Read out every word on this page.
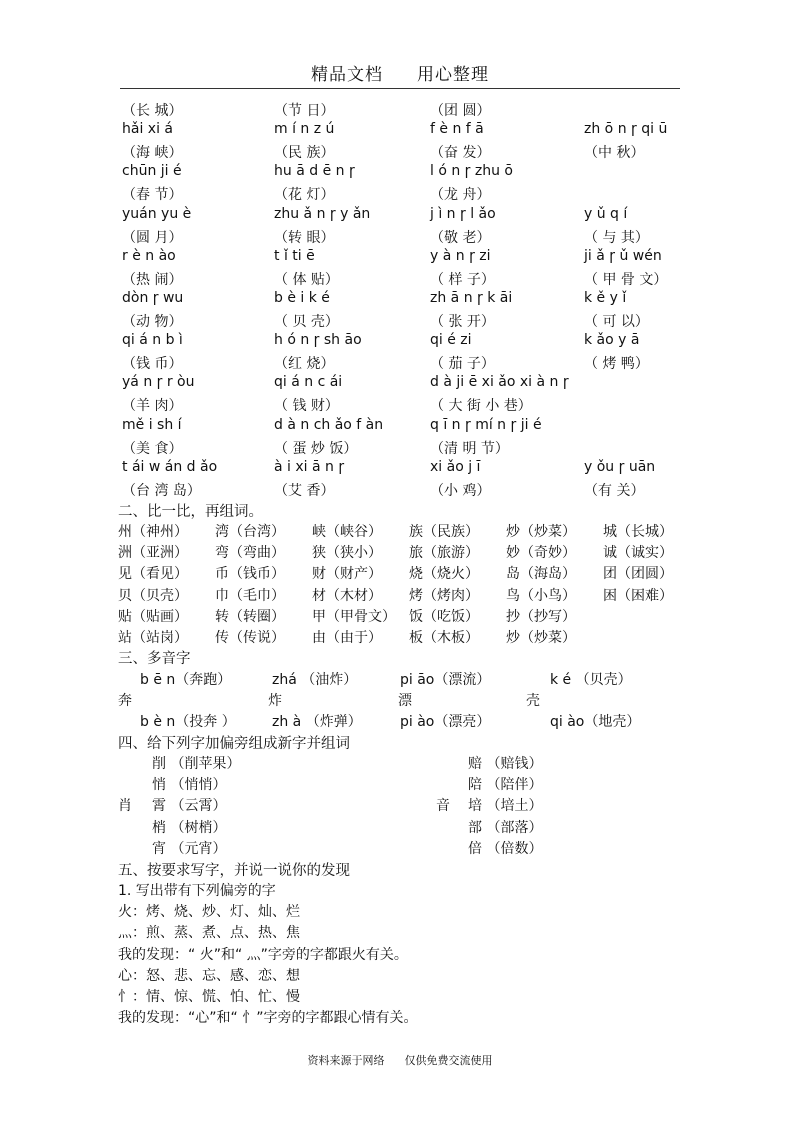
精品文档 用心整理
（长 城）	（节 日）	（团 圆）
hǎi xi á	m í n z ú	f è n f ā	zh ō n ɼ qi ū
（海 峡）	（民 族）	（奋 发）	（中 秋）
chūn ji é	hu ā d ē n ɼ	l ó n ɼ zhu ō
（春 节）	（花 灯）	（龙 舟）
yuán yu è	zhu ǎ n ɼ y ǎn	j ì n ɼ l ǎo	y ǔ q í
（圆 月）	（转 眼）	（敬 老）	（ 与 其）
r è n ào	t ǐ ti ē	y à n ɼ zi	ji ǎ ɼ ǔ wén
（热 闹）	（ 体 贴）	（ 样 子）	（ 甲 骨 文）
dòn ɼ wu	b è i k é	zh ā n ɼ k āi	k ě y ǐ
（动 物）	（ 贝 壳）	（ 张 开）	（ 可 以）
qi á n b ì	h ó n ɼ sh āo	qi é zi	k ǎo y ā
（钱 币）	（红 烧）	（ 茄 子）	（ 烤 鸭）
yá n ɼ r òu	qi á n c ái	d à ji ē xi ǎo xi à n ɼ
（羊 肉）	（ 钱 财）	（ 大 街 小 巷）
mě i sh í	d à n ch ǎo f àn	q ī n ɼ mí n ɼ ji é
（美 食）	（ 蛋 炒 饭）	（清 明 节）
t ái w án d ǎo	à i xi ā n ɼ	xi ǎo j ī	y ǒu ɼ uān
（台 湾 岛）	（艾 香）	（小 鸡）	（有 关）
二、比一比，再组词。
州（神州） 湾（台湾） 峡（峡谷） 族（民族） 炒（炒菜） 城（长城）
洲（亚洲） 弯（弯曲） 狭（狭小） 旅（旅游） 妙（奇妙） 诚（诚实）
见（看见） 币（钱币） 财（财产） 烧（烧火） 岛（海岛） 团（团圆）
贝（贝壳） 巾（毛巾） 材（木材） 烤（烤肉） 鸟（小鸟） 困（困难）
贴（贴画） 转（转圈） 甲（甲骨文） 饭（吃饭） 抄（抄写）
站（站岗） 传（传说） 由（由于） 板（木板） 炒（炒菜）
三、多音字
b ē n（奔跑）	zhá （油炸）	pi āo（漂流）	k é （贝壳）
奔	炸	漂	壳
b è n（投奔 ）	zh à （炸弹）	pi ào（漂亮）	qi ào（地壳）
四、给下列字加偏旁组成新字并组词
削 （削苹果）	赔 （赔钱）
悄 （悄悄）	陪 （陪伴）
肖	音
霄 （云霄）	培 （培土）
梢 （树梢）	部 （部落）
宵 （元宵）	倍 （倍数）
五、按要求写字，并说一说你的发现
1. 写出带有下列偏旁的字
火：烤、烧、炒、灯、灿、烂
灬：煎、蒸、煮、点、热、焦
我的发现：“ 火”和“ 灬”字旁的字都跟火有关。
心：怒、悲、忘、感、恋、想
忄：情、惊、慌、怕、忙、慢
我的发现：“心”和“ 忄”字旁的字都跟心情有关。
资料来源于网络 仅供免费交流使用
